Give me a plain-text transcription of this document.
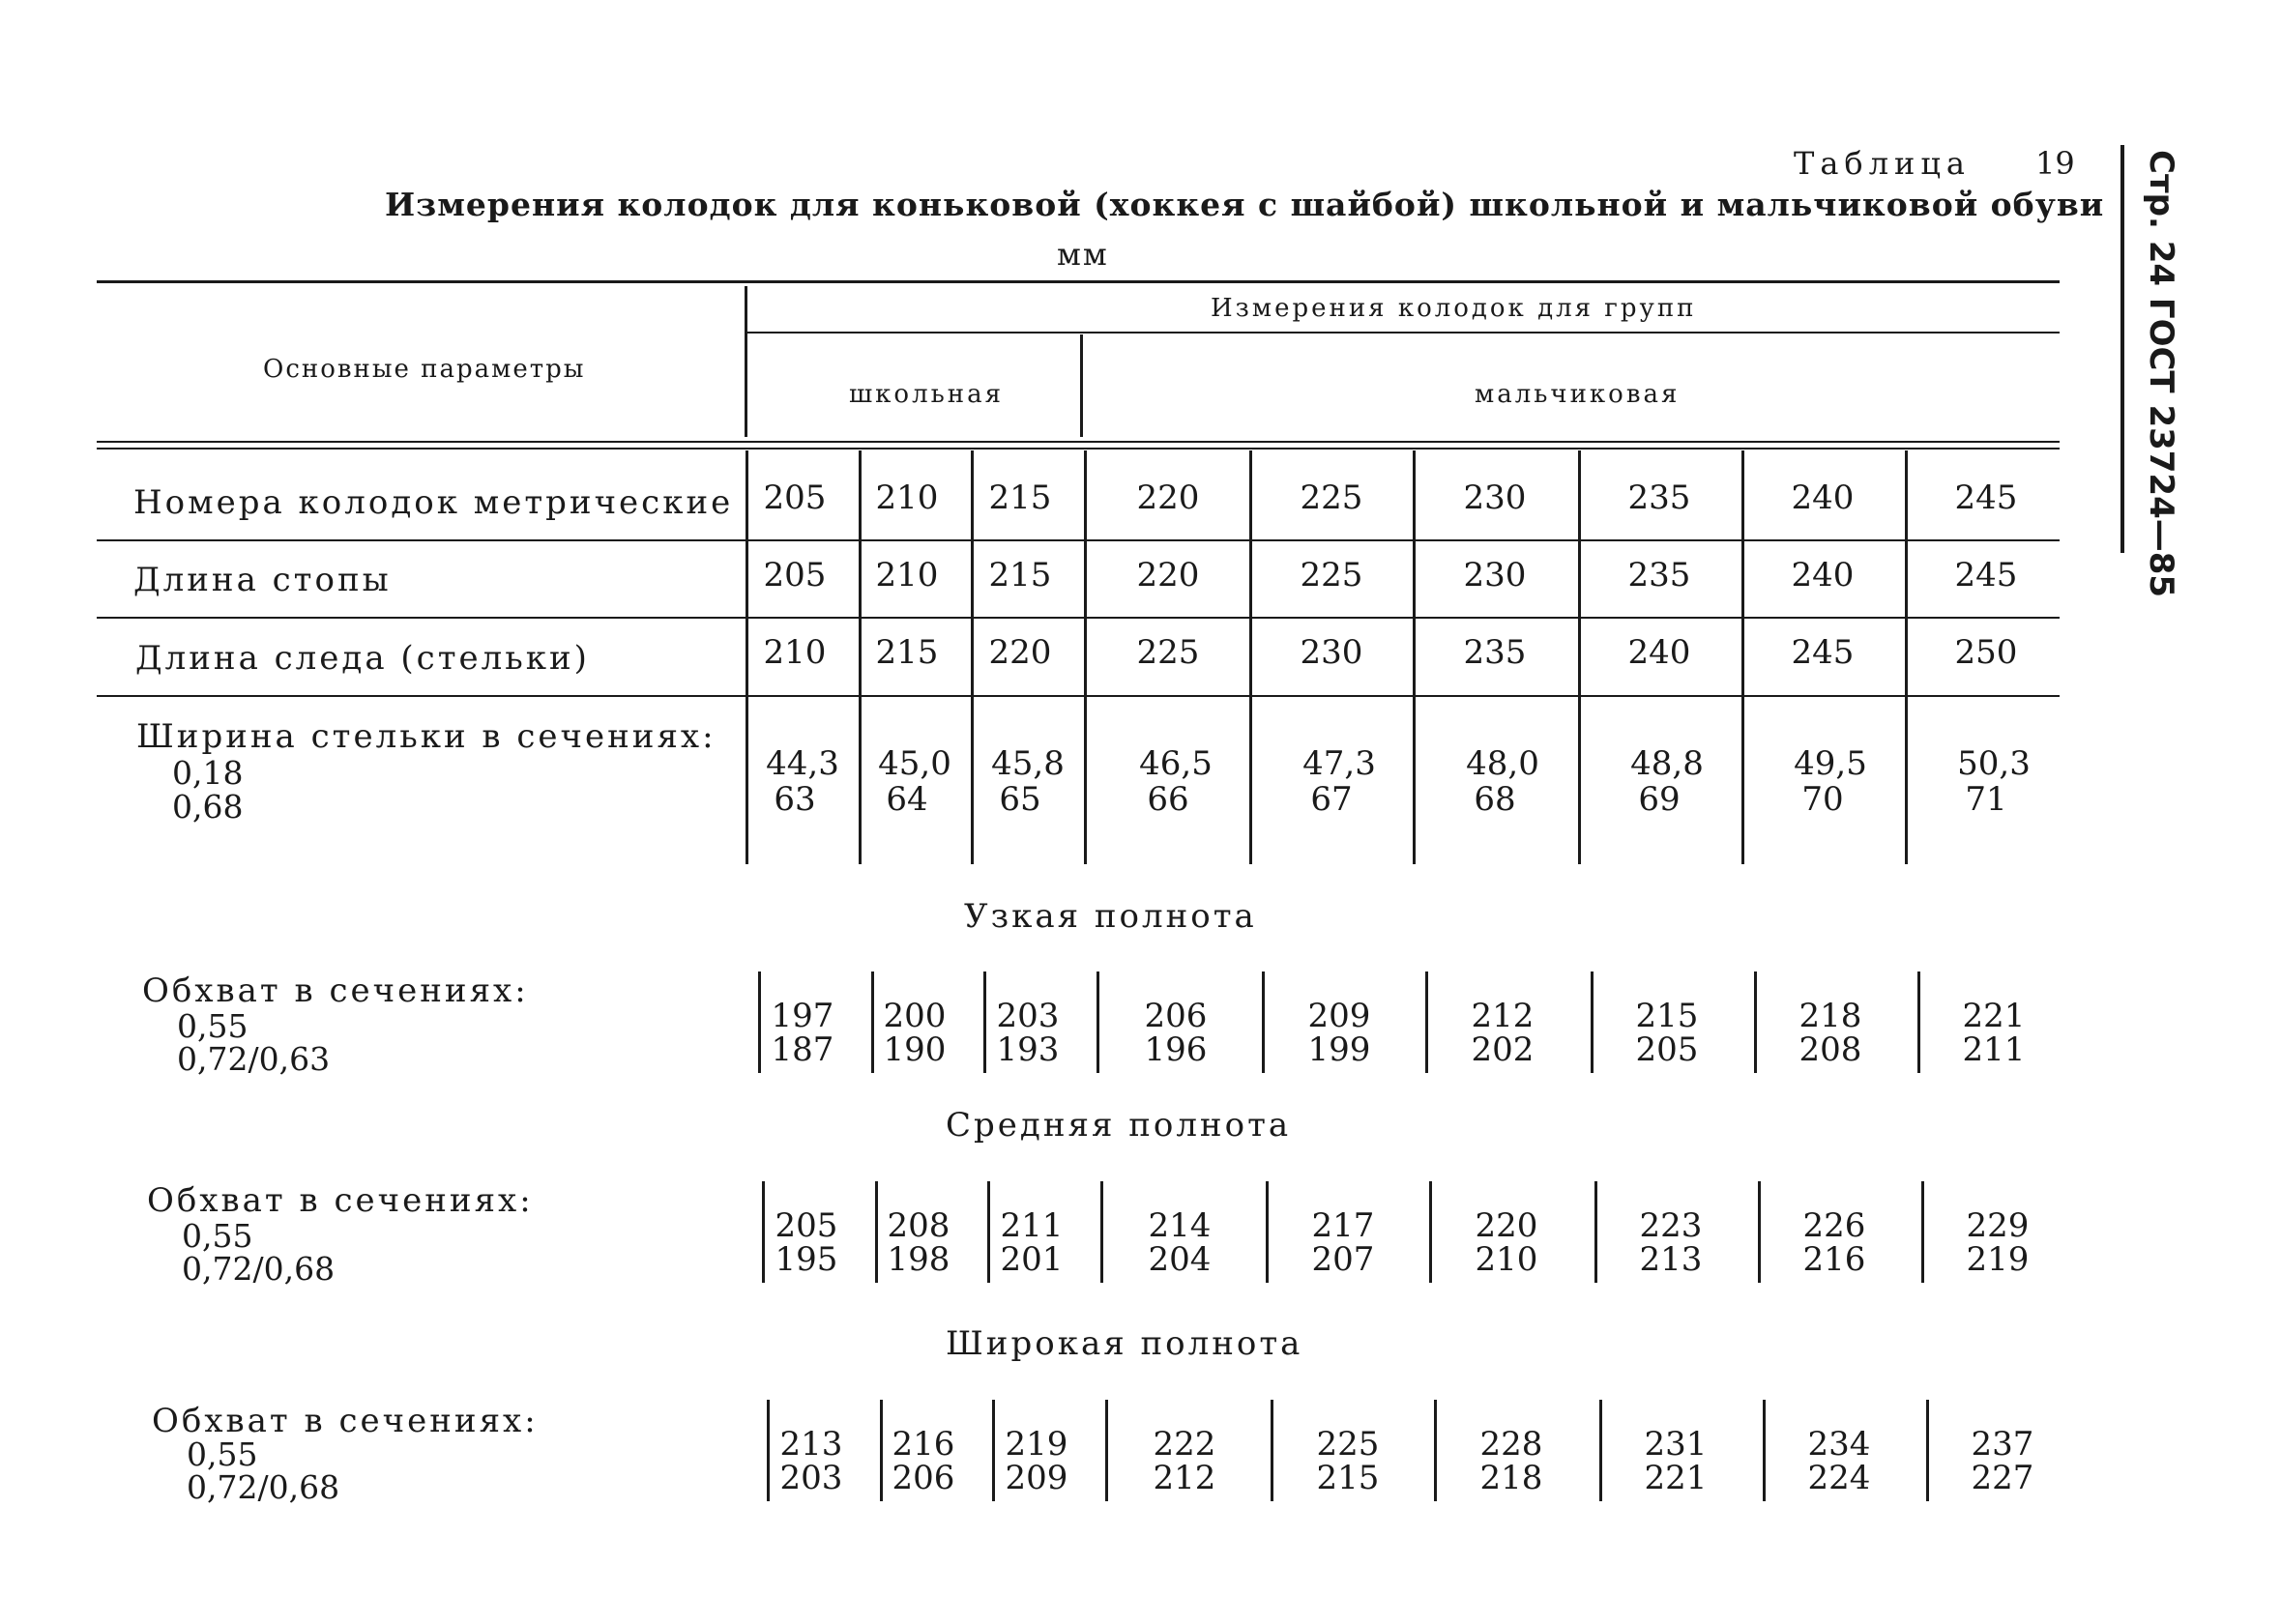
Стр. 24 ГОСТ 23724—85
Таблица 19
Измерения колодок для коньковой (хоккея с шайбой) школьной и мальчиковой обуви
мм
Основные параметры
Измерения колодок для групп
школьная	мальчиковая
Номера колодок метрические
Длина стопы
Длина следа (стельки)
Ширина стельки в сечениях:
0,18
0,68
Узкая полнота
Обхват в сечениях:
0,55
0,72/0,63
Средняя полнота
Обхват в сечениях:
0,55
0,72/0,68
Широкая полнота
Обхват в сечениях:
0,55
0,72/0,68
205
205
210
44,3
63
210
210
215
45,0
64
215
215
220
45,8
65
220
220
225
46,5
66
225
225
230
47,3
67
230
230
235
48,0
68
235
235
240
48,8
69
240
240
245
49,5
70
245
245
250
50,3
71
197
187
200
190
203
193
206
196
209
199
212
202
215
205
218
208
221
211
205
195
208
198
211
201
214
204
217
207
220
210
223
213
226
216
229
219
213
203
216
206
219
209
222
212
225
215
228
218
231
221
234
224
237
227
